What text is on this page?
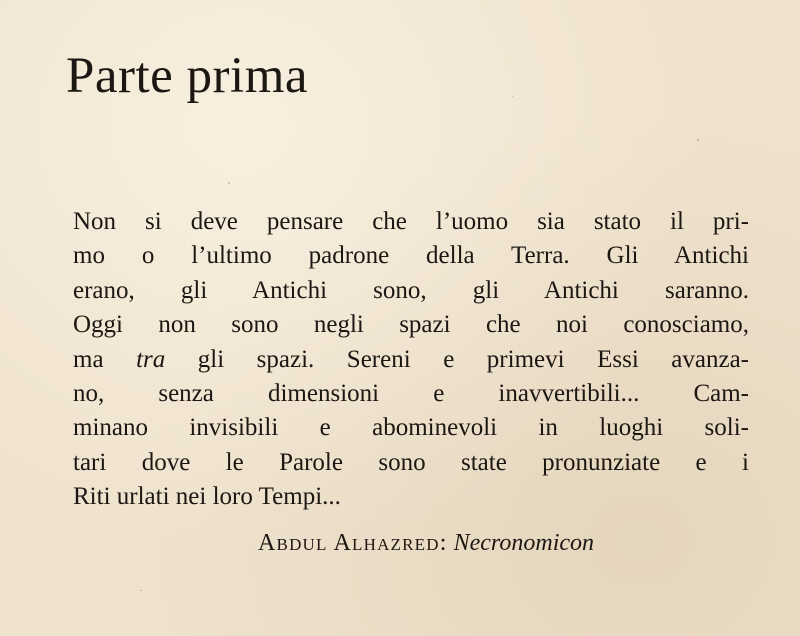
Parte prima
Non si deve pensare che l’uomo sia stato il pri-
mo o l’ultimo padrone della Terra. Gli Antichi
erano, gli Antichi sono, gli Antichi saranno.
Oggi non sono negli spazi che noi conosciamo,
ma tra gli spazi. Sereni e primevi Essi avanza-
no, senza dimensioni e inavvertibili... Cam-
minano invisibili e abominevoli in luoghi soli-
tari dove le Parole sono state pronunziate e i
Riti urlati nei loro Tempi...
Abdul Alhazred: Necronomicon
